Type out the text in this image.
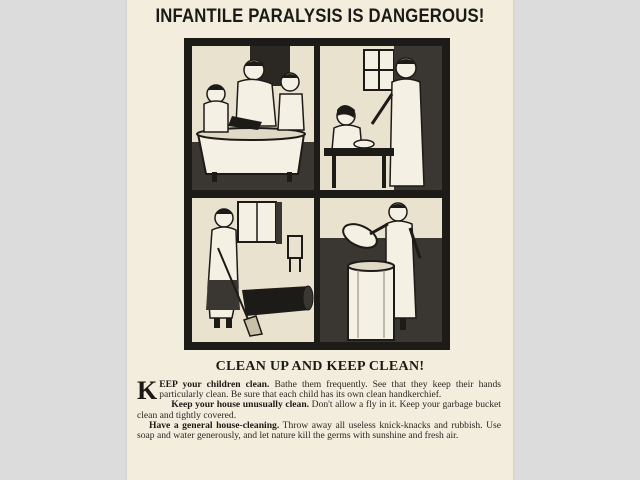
INFANTILE PARALYSIS IS DANGEROUS!
CLEAN UP AND KEEP CLEAN!

KEEP your children clean. Bathe them frequently. See that they keep their hands particularly clean. Be sure that each child has its own clean handkerchief.

Keep your house unusually clean. Don't allow a fly in it. Keep your garbage bucket clean and tightly covered.

Have a general house-cleaning. Throw away all useless knick-knacks and rubbish. Use soap and water generously, and let nature kill the germs with sunshine and fresh air.
